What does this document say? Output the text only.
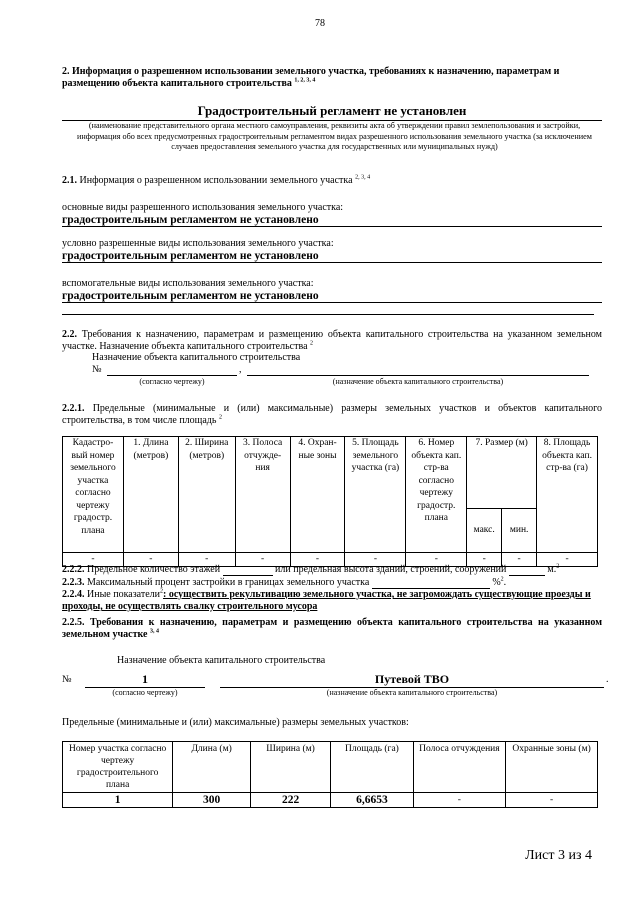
78
2. Информация о разрешенном использовании земельного участка, требованиях к назначению, параметрам и размещению объекта капитального строительства $^{1, 2, 3, 4}$
Градостроительный регламент не установлен
(наименование представительного органа местного самоуправления, реквизиты акта об утверждении правил землепользования и застройки, информация обо всех предусмотренных градостроительным регламентом видах разрешенного использования земельного участка (за исключением случаев предоставления земельного участка для государственных или муниципальных нужд)
2.1. Информация о разрешенном использовании земельного участка $^{2, 3, 4}$
основные виды разрешенного использования земельного участка:
градостроительным регламентом не установлено
условно разрешенные виды использования земельного участка:
градостроительным регламентом не установлено
вспомогательные виды использования земельного участка:
градостроительным регламентом не установлено
2.2. Требования к назначению, параметрам и размещению объекта капитального строительства на указанном земельном участке. Назначение объекта капитального строительства $^2$
Назначение объекта капитального строительства
№	,
(согласно чертежу)	(назначение объекта капитального строительства)
2.2.1. Предельные (минимальные и (или) максимальные) размеры земельных участков и объектов капитального строительства, в том числе площадь $^2$
Кадастро-вый номер земельного участка согласно чертежу градостр. плана	1. Длина (метров)	2. Ширина (метров)	3. Полоса отчужде-ния	4. Охран-ные зоны	5. Площадь земельного участка (га)	6. Номер объекта кап. стр-ва согласно чертежу градостр. плана	7. Размер (м)		8. Площадь объекта кап. стр-ва (га)
							макс.	мин.	
-	-	-	-	-	-	-	-	-	-
2.2.2. Предельное количество этажей	или предельная высота зданий, строений, сооружений	м.$^2$
2.2.3. Максимальный процент застройки в границах земельного участка	%$^2$.
2.2.4. Иные показатели$^2$: осуществить рекультивацию земельного участка, не загромождать существующие проезды и проходы, не осуществлять свалку строительного мусора
2.2.5. Требования к назначению, параметрам и размещению объекта капитального строительства на указанном земельном участке $^{3, 4}$
Назначение объекта капитального строительства
№	1	Путевой ТВО	.
(согласно чертежу)	(назначение объекта капитального строительства)
Предельные (минимальные и (или) максимальные) размеры земельных участков:
Номер участка согласно чертежу градостроительного плана	Длина (м)	Ширина (м)	Площадь (га)	Полоса отчуждения	Охранные зоны (м)
1	300	222	6,6653	-	-
Лист 3 из 4
